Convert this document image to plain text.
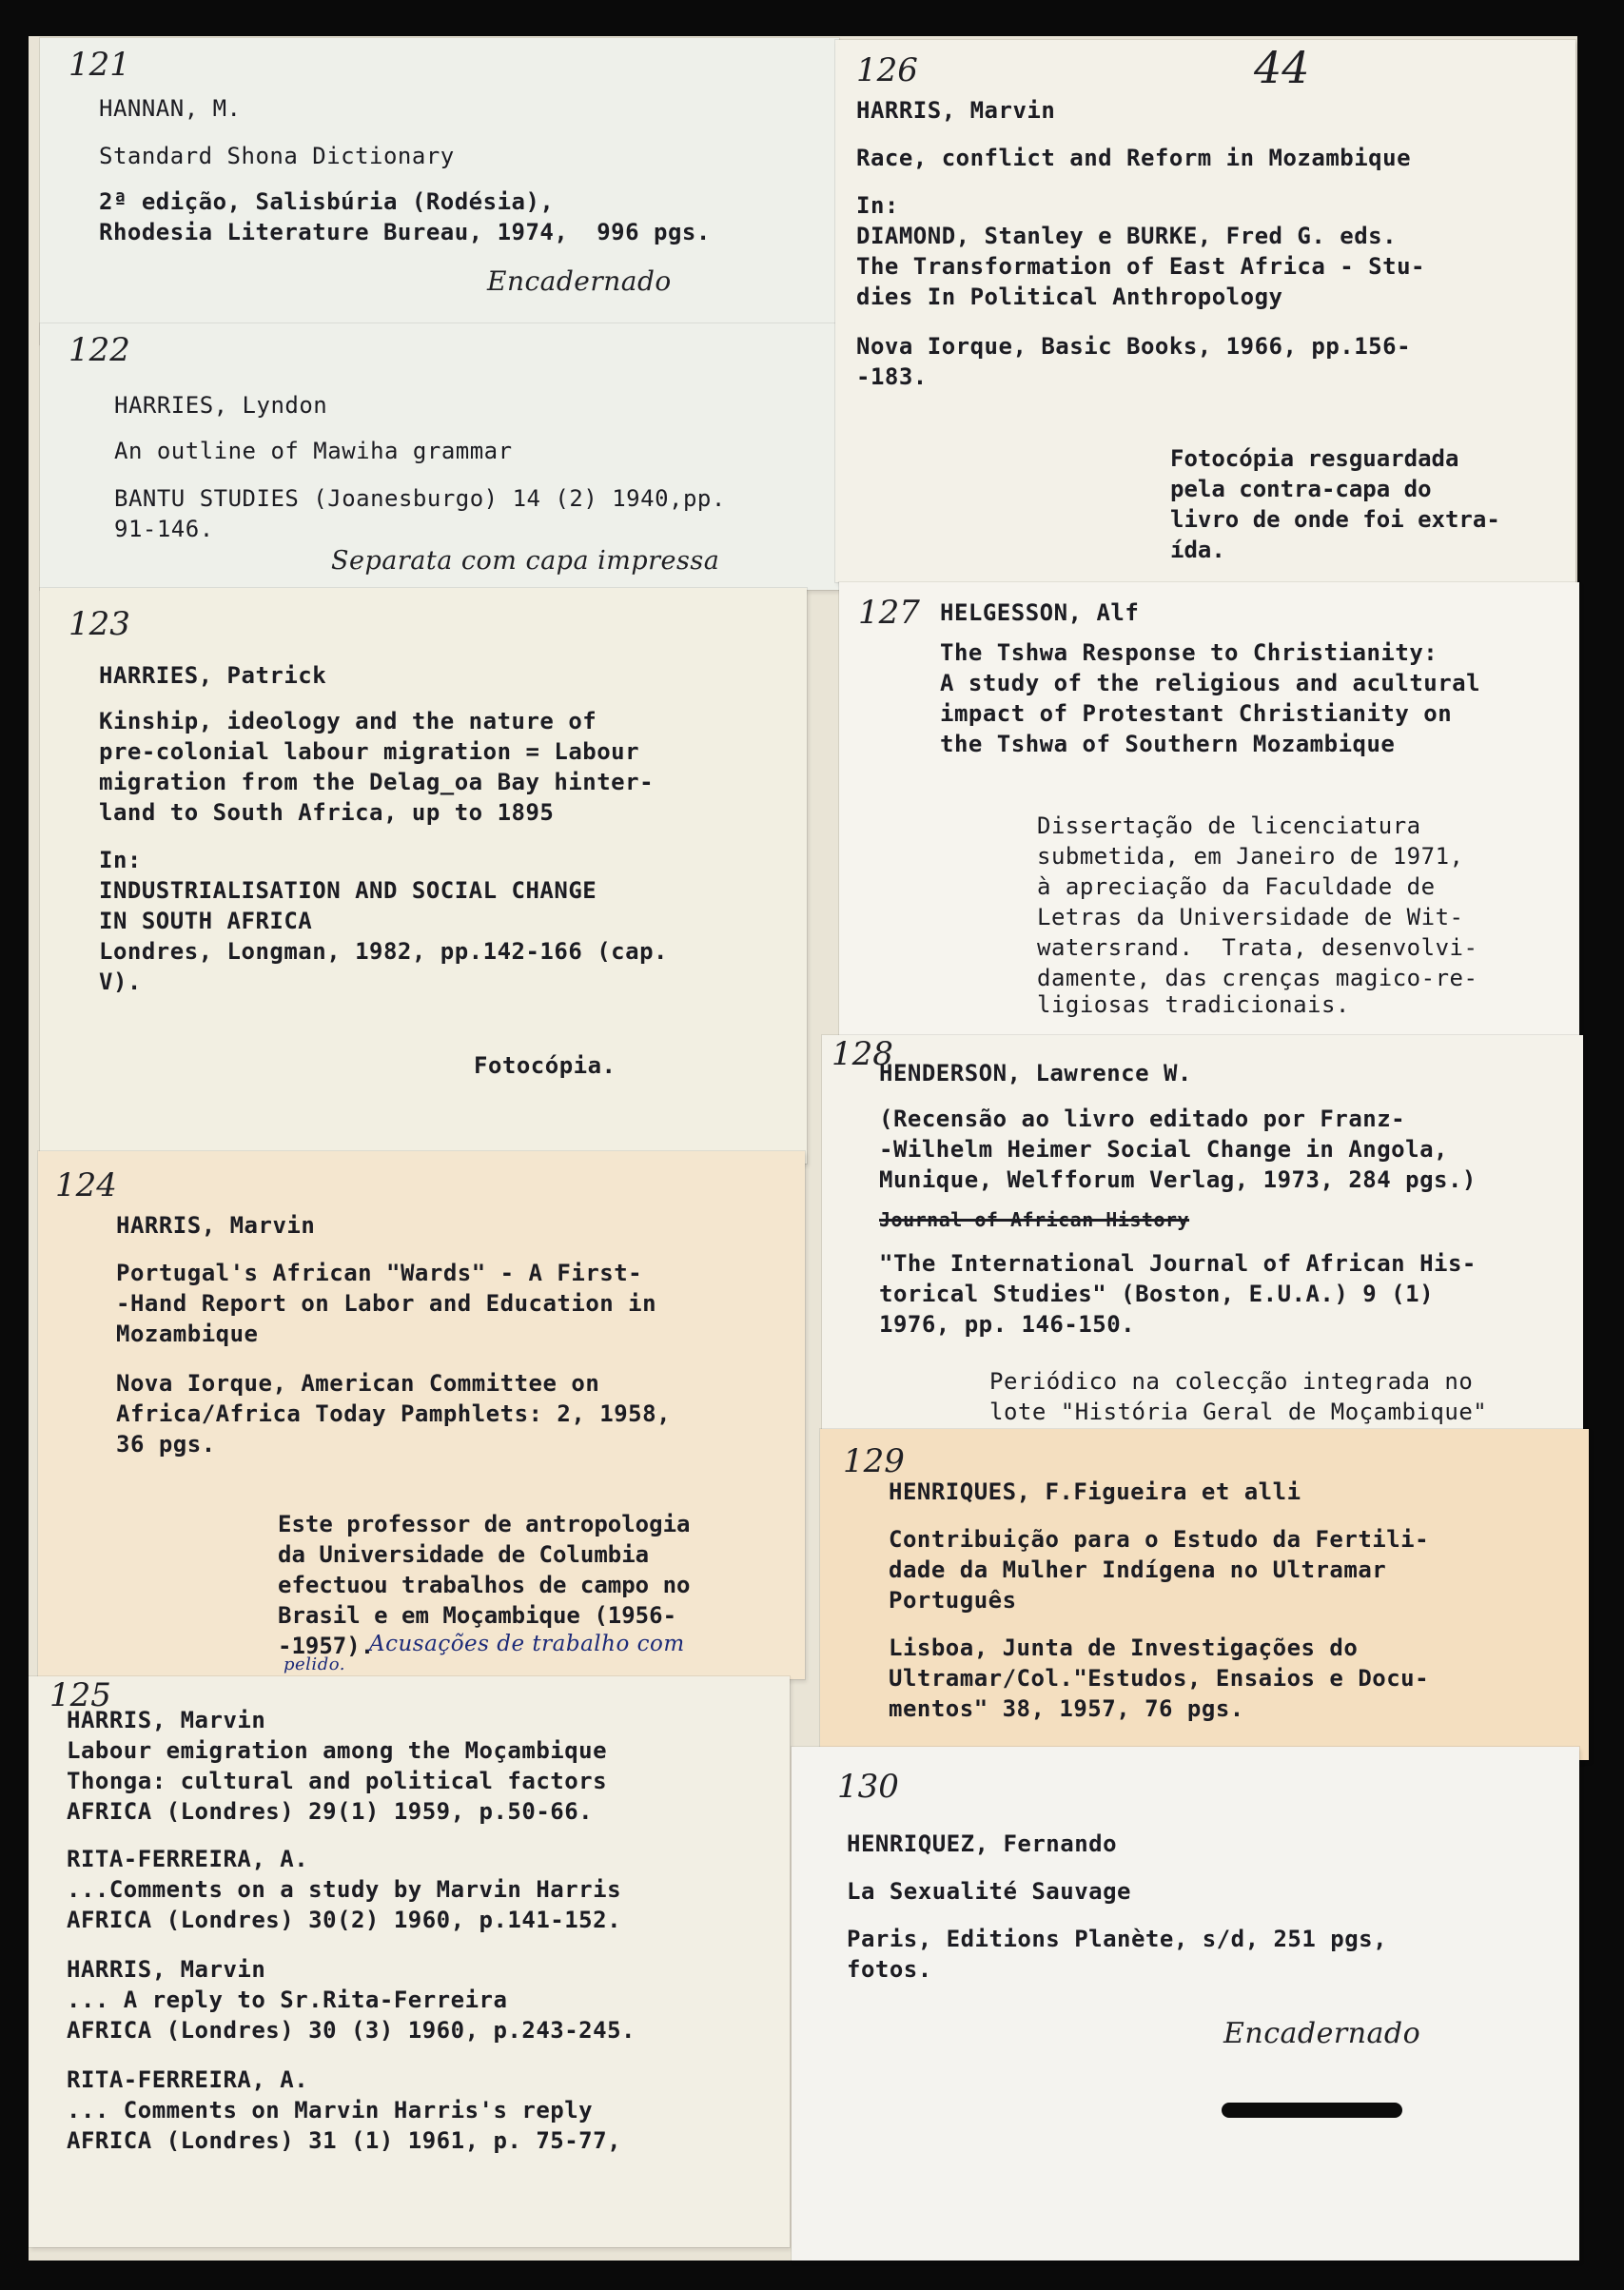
121
HANNAN, M.
Standard Shona Dictionary
2ª edição, Salisbúria (Rodésia),
Rhodesia Literature Bureau, 1974,  996 pgs.
Encadernado
122
HARRIES, Lyndon
An outline of Mawiha grammar
BANTU STUDIES (Joanesburgo) 14 (2) 1940,pp.
91-146.
Separata com capa impressa
123
HARRIES, Patrick
Kinship, ideology and the nature of
pre-colonial labour migration = Labour
migration from the Delag_oa Bay hinter-
land to South Africa, up to 1895
In:
INDUSTRIALISATION AND SOCIAL CHANGE
IN SOUTH AFRICA
Londres, Longman, 1982, pp.142-166 (cap.
V).
Fotocópia.
124
HARRIS, Marvin
Portugal's African "Wards" - A First-
-Hand Report on Labor and Education in
Mozambique
Nova Iorque, American Committee on
Africa/Africa Today Pamphlets: 2, 1958,
36 pgs.
Este professor de antropologia
da Universidade de Columbia
efectuou trabalhos de campo no
Brasil e em Moçambique (1956-
-1957).
Acusações de trabalho com
pelido.
125
HARRIS, Marvin
Labour emigration among the Moçambique
Thonga: cultural and political factors
AFRICA (Londres) 29(1) 1959, p.50-66.
RITA-FERREIRA, A.
...Comments on a study by Marvin Harris
AFRICA (Londres) 30(2) 1960, p.141-152.
HARRIS, Marvin
... A reply to Sr.Rita-Ferreira
AFRICA (Londres) 30 (3) 1960, p.243-245.
RITA-FERREIRA, A.
... Comments on Marvin Harris's reply
AFRICA (Londres) 31 (1) 1961, p. 75-77,
126	44
HARRIS, Marvin
Race, conflict and Reform in Mozambique
In:
DIAMOND, Stanley e BURKE, Fred G. eds.
The Transformation of East Africa - Stu-
dies In Political Anthropology
Nova Iorque, Basic Books, 1966, pp.156-
-183.
Fotocópia resguardada
pela contra-capa do
livro de onde foi extra-
ída.
127 HELGESSON, Alf
The Tshwa Response to Christianity:
A study of the religious and acultural
impact of Protestant Christianity on
the Tshwa of Southern Mozambique
Dissertação de licenciatura
submetida, em Janeiro de 1971,
à apreciação da Faculdade de
Letras da Universidade de Wit-
watersrand.  Trata, desenvolvi-
damente, das crenças magico-re-
ligiosas tradicionais.
128
HENDERSON, Lawrence W.
(Recensão ao livro editado por Franz-
-Wilhelm Heimer Social Change in Angola,
Munique, Welfforum Verlag, 1973, 284 pgs.)
Journal of African History
"The International Journal of African His-
torical Studies" (Boston, E.U.A.) 9 (1)
1976, pp. 146-150.
Periódico na colecção integrada no
lote "História Geral de Moçambique"
129
HENRIQUES, F.Figueira et alli
Contribuição para o Estudo da Fertili-
dade da Mulher Indígena no Ultramar
Português
Lisboa, Junta de Investigações do
Ultramar/Col."Estudos, Ensaios e Docu-
mentos" 38, 1957, 76 pgs.
130
HENRIQUEZ, Fernando
La Sexualité Sauvage
Paris, Editions Planète, s/d, 251 pgs,
fotos.
Encadernado
